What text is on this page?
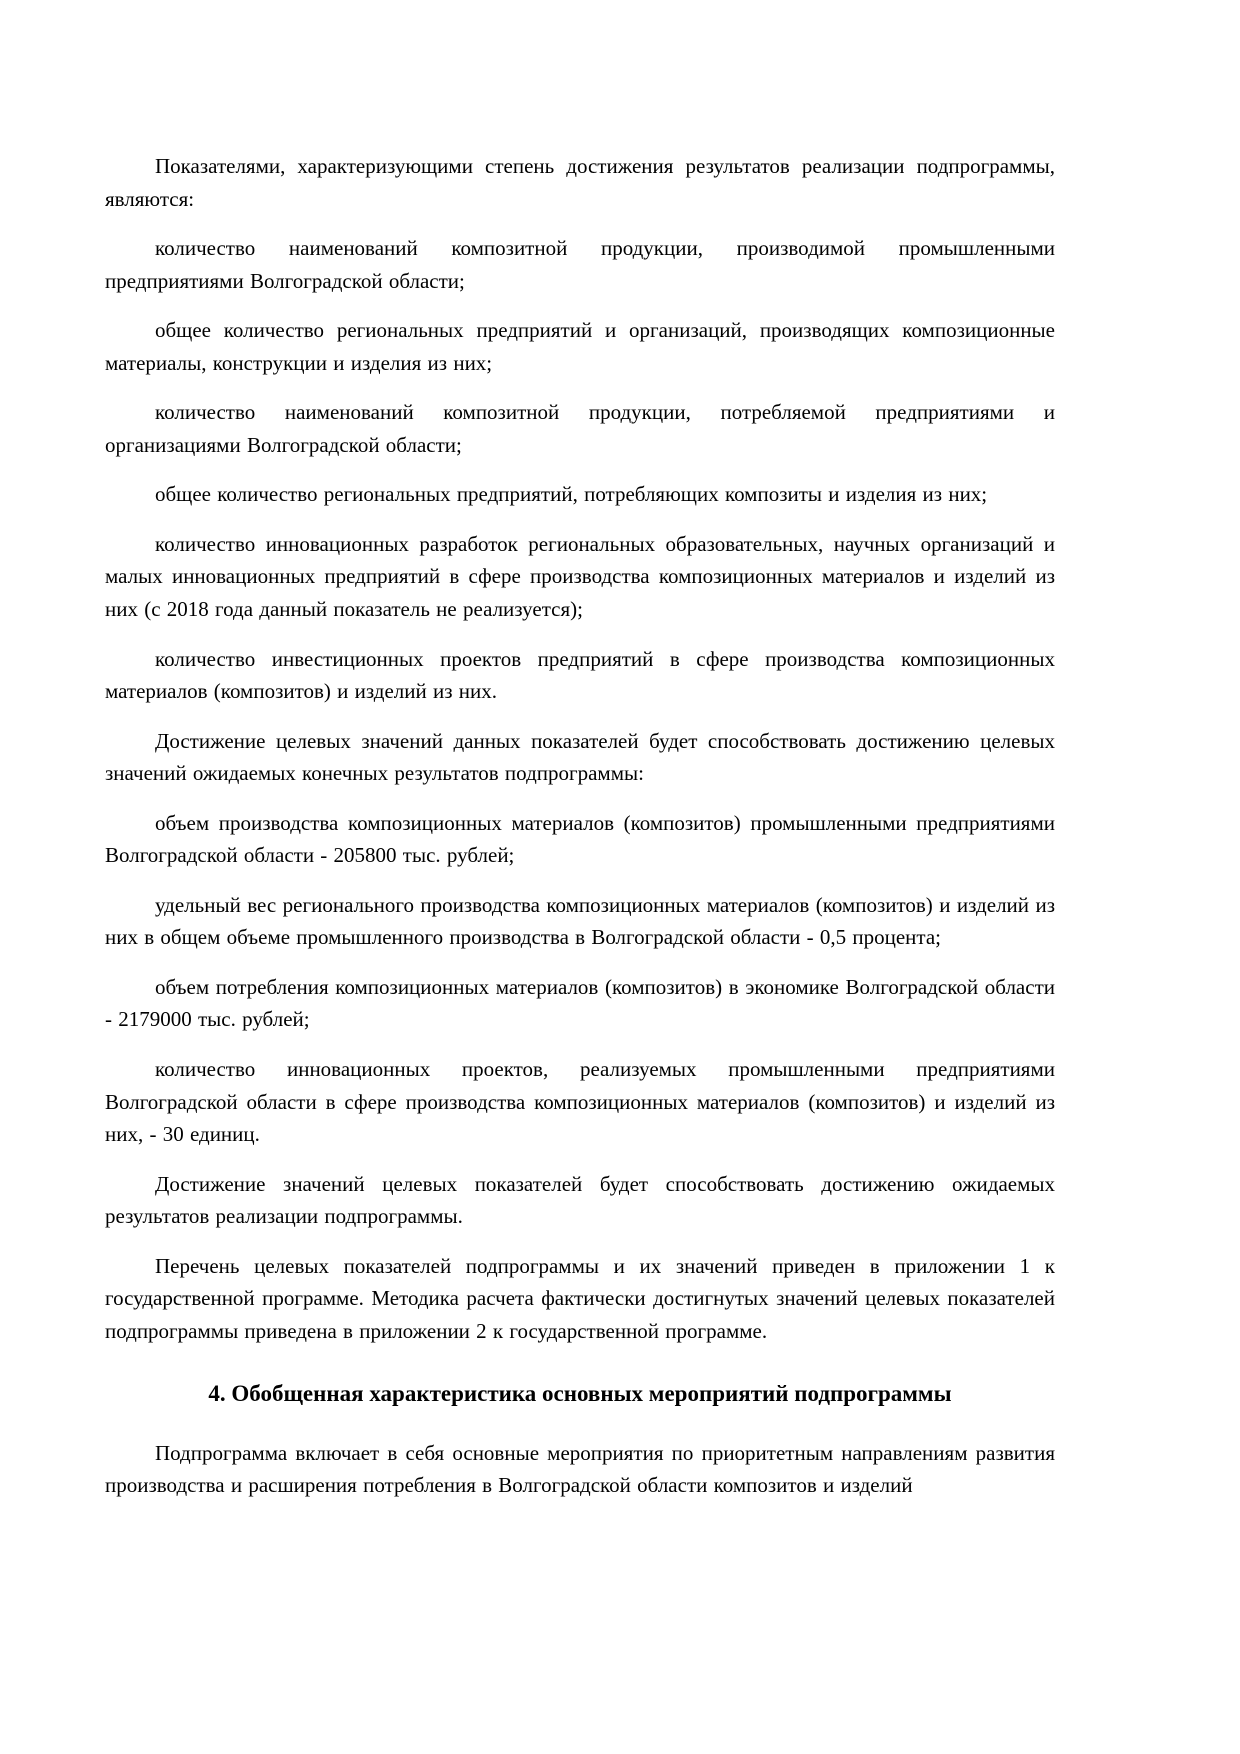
Показателями, характеризующими степень достижения результатов реализации подпрограммы, являются:

количество наименований композитной продукции, производимой промышленными предприятиями Волгоградской области;

общее количество региональных предприятий и организаций, производящих композиционные материалы, конструкции и изделия из них;

количество наименований композитной продукции, потребляемой предприятиями и организациями Волгоградской области;

общее количество региональных предприятий, потребляющих композиты и изделия из них;

количество инновационных разработок региональных образовательных, научных организаций и малых инновационных предприятий в сфере производства композиционных материалов и изделий из них (с 2018 года данный показатель не реализуется);

количество инвестиционных проектов предприятий в сфере производства композиционных материалов (композитов) и изделий из них.

Достижение целевых значений данных показателей будет способствовать достижению целевых значений ожидаемых конечных результатов подпрограммы:

объем производства композиционных материалов (композитов) промышленными предприятиями Волгоградской области - 205800 тыс. рублей;

удельный вес регионального производства композиционных материалов (композитов) и изделий из них в общем объеме промышленного производства в Волгоградской области - 0,5 процента;

объем потребления композиционных материалов (композитов) в экономике Волгоградской области - 2179000 тыс. рублей;

количество инновационных проектов, реализуемых промышленными предприятиями Волгоградской области в сфере производства композиционных материалов (композитов) и изделий из них, - 30 единиц.

Достижение значений целевых показателей будет способствовать достижению ожидаемых результатов реализации подпрограммы.

Перечень целевых показателей подпрограммы и их значений приведен в приложении 1 к государственной программе. Методика расчета фактически достигнутых значений целевых показателей подпрограммы приведена в приложении 2 к государственной программе.

4. Обобщенная характеристика основных мероприятий подпрограммы

Подпрограмма включает в себя основные мероприятия по приоритетным направлениям развития производства и расширения потребления в Волгоградской области композитов и изделий
